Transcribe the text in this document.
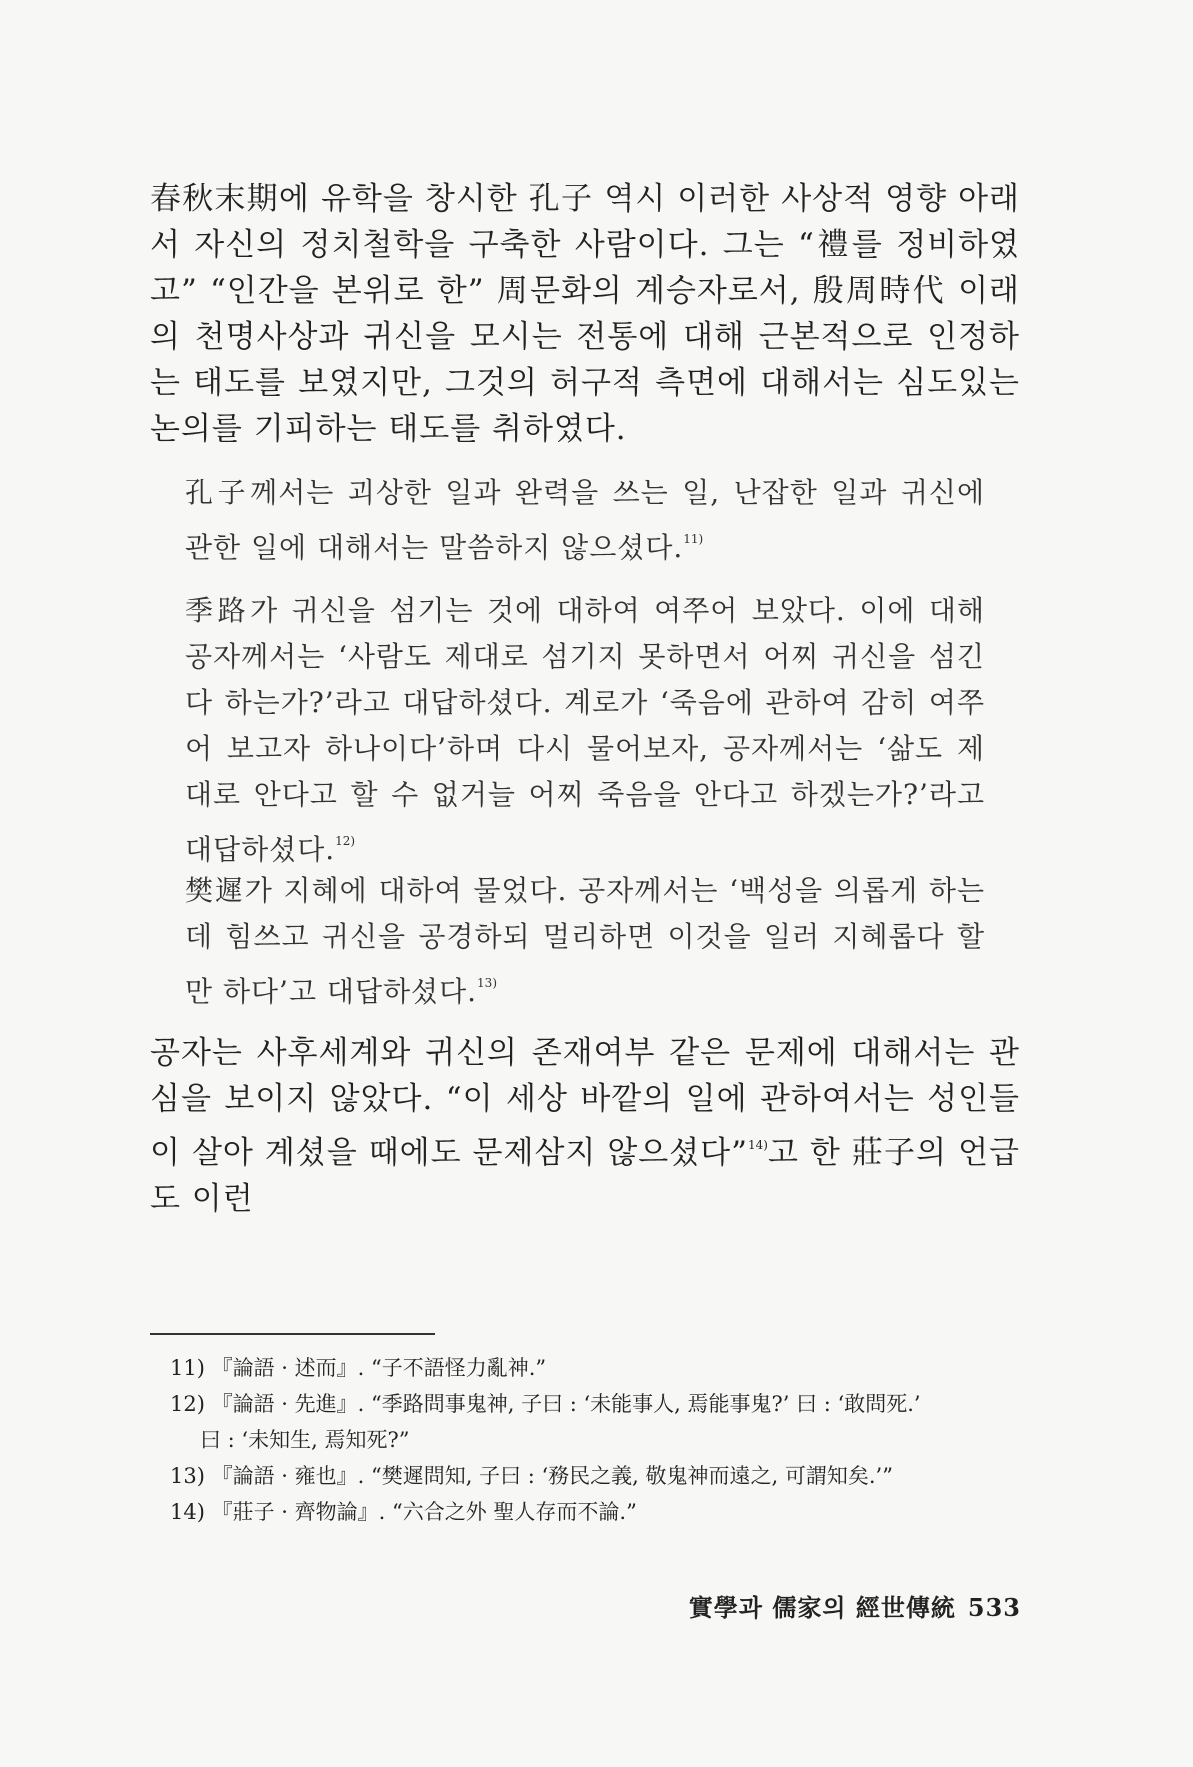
春秋末期에 유학을 창시한 孔子 역시 이러한 사상적 영향 아래서 자신의 정치철학을 구축한 사람이다. 그는 “禮를 정비하였고” “인간을 본위로 한” 周문화의 계승자로서, 殷周時代 이래의 천명사상과 귀신을 모시는 전통에 대해 근본적으로 인정하는 태도를 보였지만, 그것의 허구적 측면에 대해서는 심도있는 논의를 기피하는 태도를 취하였다.

孔子께서는 괴상한 일과 완력을 쓰는 일, 난잡한 일과 귀신에 관한 일에 대해서는 말씀하지 않으셨다.$^{11)}$

季路가 귀신을 섬기는 것에 대하여 여쭈어 보았다. 이에 대해 공자께서는 ‘사람도 제대로 섬기지 못하면서 어찌 귀신을 섬긴다 하는가?’라고 대답하셨다. 계로가 ‘죽음에 관하여 감히 여쭈어 보고자 하나이다’하며 다시 물어보자, 공자께서는 ‘삶도 제대로 안다고 할 수 없거늘 어찌 죽음을 안다고 하겠는가?’라고 대답하셨다.$^{12)}$

樊遲가 지혜에 대하여 물었다. 공자께서는 ‘백성을 의롭게 하는데 힘쓰고 귀신을 공경하되 멀리하면 이것을 일러 지혜롭다 할 만 하다’고 대답하셨다.$^{13)}$

공자는 사후세계와 귀신의 존재여부 같은 문제에 대해서는 관심을 보이지 않았다. “이 세상 바깥의 일에 관하여서는 성인들이 살아 계셨을 때에도 문제삼지 않으셨다”$^{14)}$고 한 莊子의 언급도 이런

11) 『論語 · 述而』. “子不語怪力亂神.”

12) 『論語 · 先進』. “季路問事鬼神, 子曰 : ‘未能事人, 焉能事鬼?’ 曰 : ‘敢問死.’
曰 : ‘未知生, 焉知死?”

13) 『論語 · 雍也』. “樊遲問知, 子曰 : ‘務民之義, 敬鬼神而遠之, 可謂知矣.’”

14) 『莊子 · 齊物論』. “六合之外 聖人存而不論.”

實學과 儒家의 經世傳統 533
